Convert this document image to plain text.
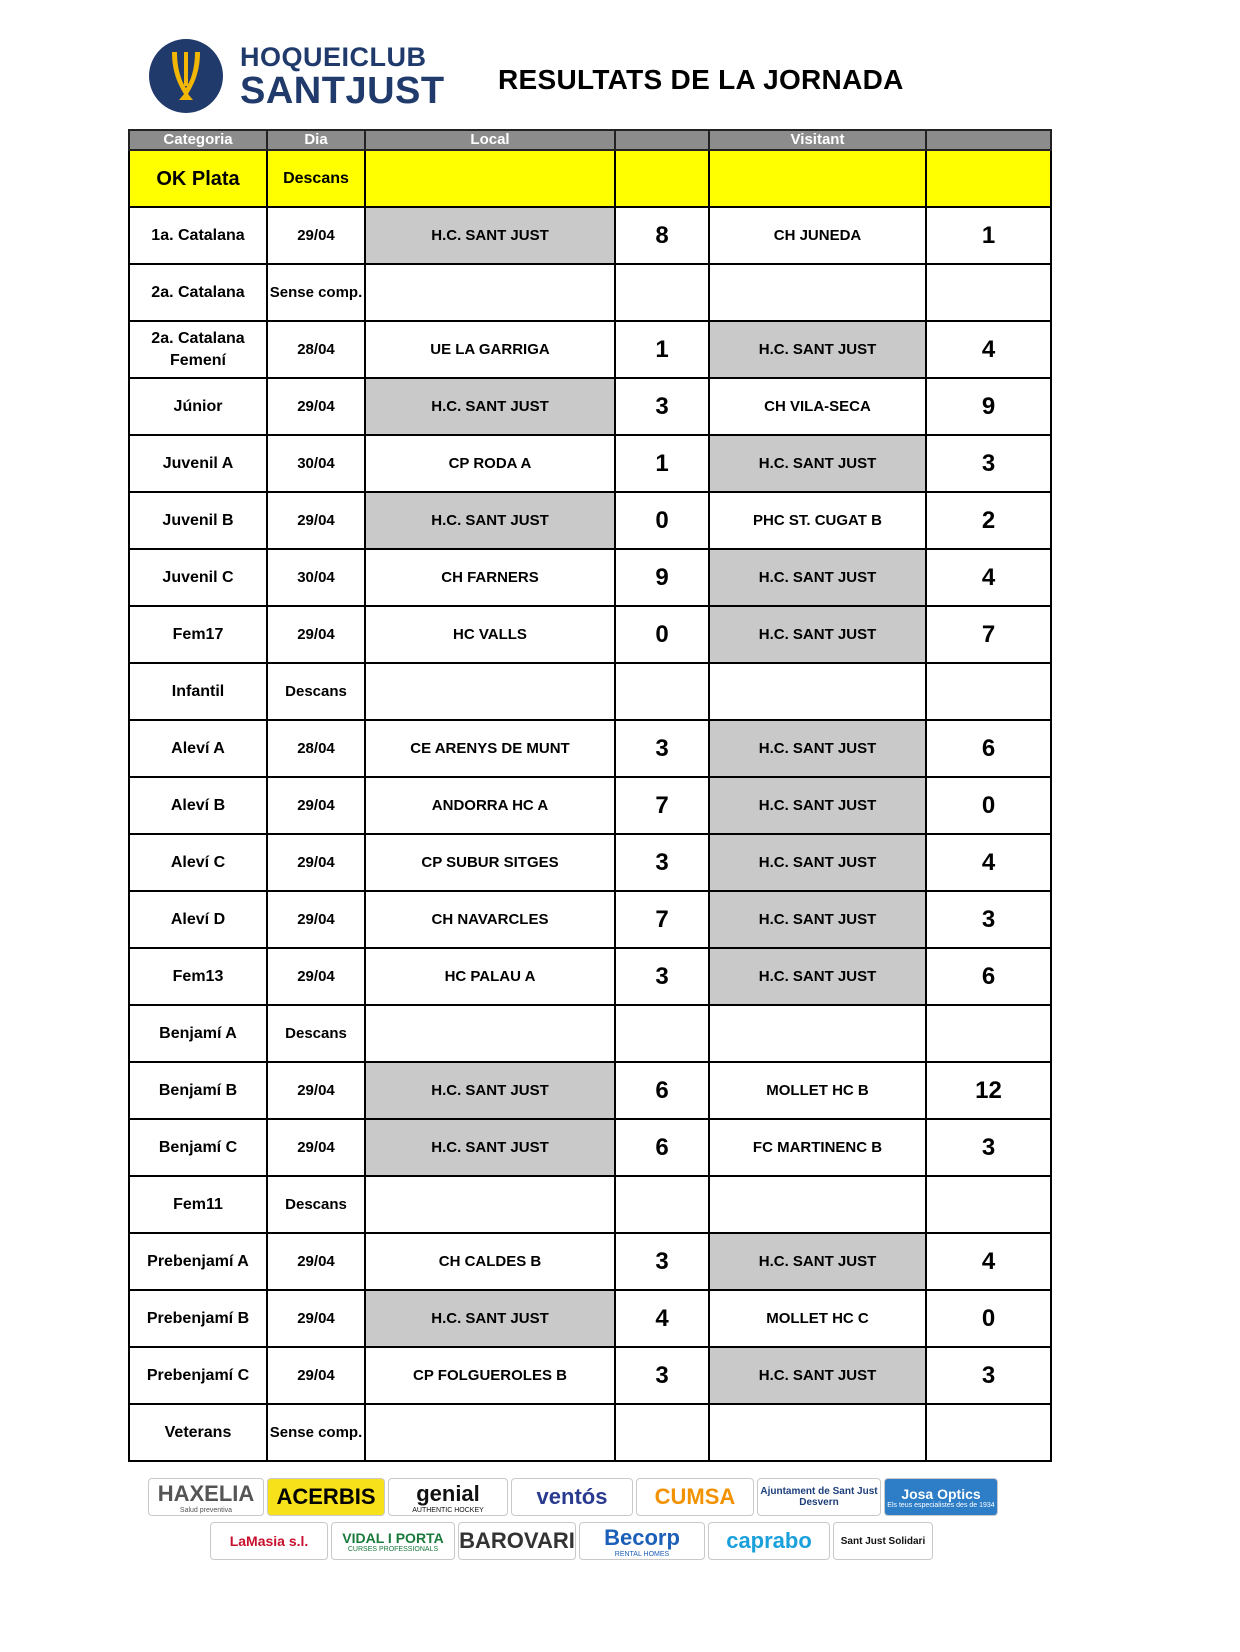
HOQUEICLUB
SANTJUST RESULTATS DE LA JORNADA
Categoria	Dia	Local		Visitant	
OK Plata	Descans				
1a. Catalana	29/04	H.C. SANT JUST	8	CH JUNEDA	1
2a. Catalana	Sense comp.				
2a. Catalana Femení	28/04	UE LA GARRIGA	1	H.C. SANT JUST	4
Júnior	29/04	H.C. SANT JUST	3	CH VILA-SECA	9
Juvenil A	30/04	CP RODA A	1	H.C. SANT JUST	3
Juvenil B	29/04	H.C. SANT JUST	0	PHC ST. CUGAT B	2
Juvenil C	30/04	CH FARNERS	9	H.C. SANT JUST	4
Fem17	29/04	HC VALLS	0	H.C. SANT JUST	7
Infantil	Descans				
Aleví A	28/04	CE ARENYS DE MUNT	3	H.C. SANT JUST	6
Aleví B	29/04	ANDORRA HC A	7	H.C. SANT JUST	0
Aleví C	29/04	CP SUBUR SITGES	3	H.C. SANT JUST	4
Aleví D	29/04	CH NAVARCLES	7	H.C. SANT JUST	3
Fem13	29/04	HC PALAU A	3	H.C. SANT JUST	6
Benjamí A	Descans				
Benjamí B	29/04	H.C. SANT JUST	6	MOLLET HC B	12
Benjamí C	29/04	H.C. SANT JUST	6	FC MARTINENC B	3
Fem11	Descans				
Prebenjamí A	29/04	CH CALDES B	3	H.C. SANT JUST	4
Prebenjamí B	29/04	H.C. SANT JUST	4	MOLLET HC C	0
Prebenjamí C	29/04	CP FOLGUEROLES B	3	H.C. SANT JUST	3
Veterans	Sense comp.				
HAXELIA
Salud preventiva
ACERBIS genial
AUTHENTIC HOCKEY
ventós CUMSA	Ajuntament de Sant Just Desvern
Josa Optics
Els teus especialistes des de 1934
LaMasia s.l. VIDAL I PORTA
CURSES PROFESSIONALS BAROVARI Becorp
RENTAL HOMES
caprabo	Sant Just Solidari
